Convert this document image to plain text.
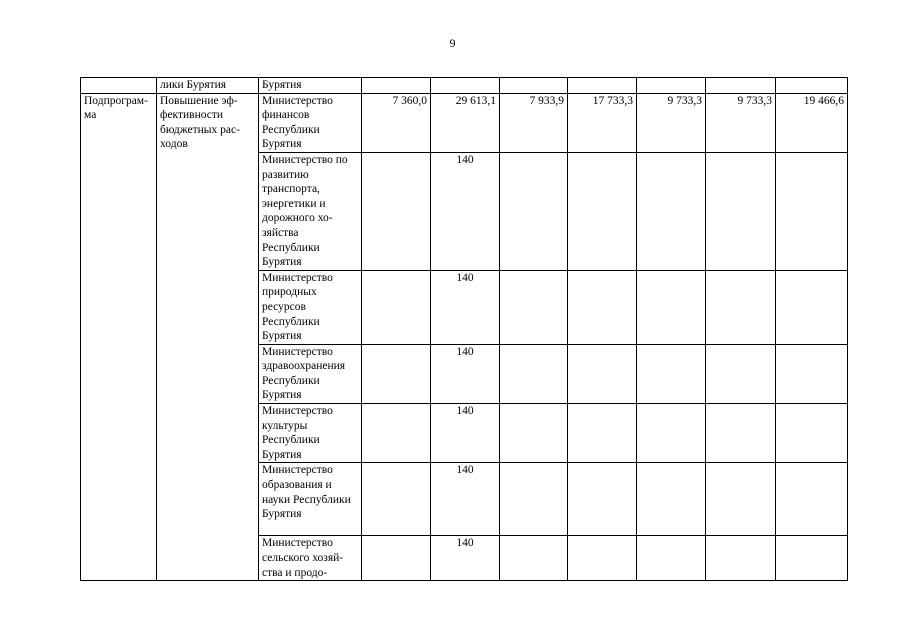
9
	лики Бурятия	Бурятия							
Подпрограм-ма	Повышение эф-фективности бюджетных рас-ходов	Министерство финансов Республики Бурятия	7 360,0	29 613,1	7 933,9	17 733,3	9 733,3	9 733,3	19 466,6
		Министерство по развитию транспорта, энергетики и дорожного хо-зяйства Республики Бурятия		140					
		Министерство природных ресурсов Республики Бурятия		140					
		Министерство здравоохранения Республики Бурятия		140					
		Министерство культуры Республики Бурятия		140					
		Министерство образования и науки Республики Бурятия		140					
		Министерство сельского хозяй-ства и продо-		140					
